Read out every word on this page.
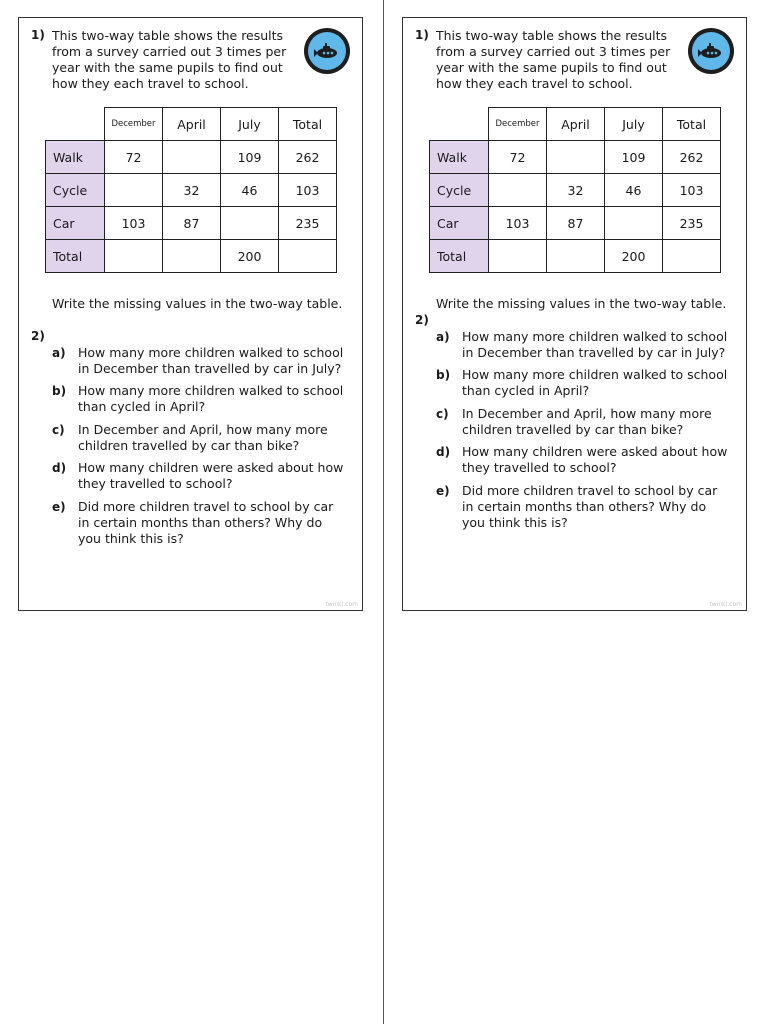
1) This two-way table shows the results from a survey carried out 3 times per year with the same pupils to find out how they each travel to school.
	December	April	July	Total
Walk	72		109	262
Cycle		32	46	103
Car	103	87		235
Total			200	
Write the missing values in the two-way table.
2)
a) How many more children walked to school in December than travelled by car in July?
b) How many more children walked to school than cycled in April?
c) In December and April, how many more children travelled by car than bike?
d) How many children were asked about how they travelled to school?
e) Did more children travel to school by car in certain months than others? Why do you think this is?
twinkl.com
1) This two-way table shows the results from a survey carried out 3 times per year with the same pupils to find out how they each travel to school.
	December	April	July	Total
Walk	72		109	262
Cycle		32	46	103
Car	103	87		235
Total			200	
Write the missing values in the two-way table.
2)
a) How many more children walked to school in December than travelled by car in July?
b) How many more children walked to school than cycled in April?
c) In December and April, how many more children travelled by car than bike?
d) How many children were asked about how they travelled to school?
e) Did more children travel to school by car in certain months than others? Why do you think this is?
twinkl.com
